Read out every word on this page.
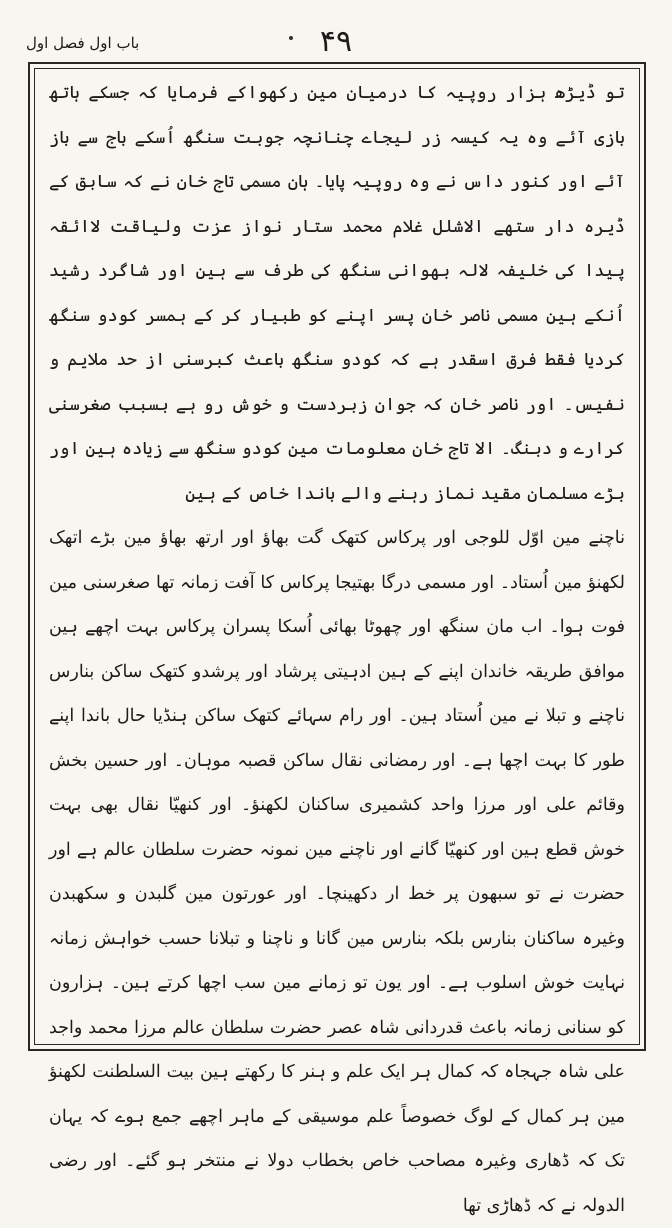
باب اول فصل اول	۴۹

تو ڈیڑھ ہزار روپیہ کا درمیان مین رکھواکے فرمایا کہ جسکے ہاتھ بازی آئے وہ یہ کیسہ زر لیجاے چنانچہ جوبت سنگھ اُسکے باج سے باز آئے اور کنور داس نے وہ روپیہ پایا۔ ہان مسمی تاج خان نے کہ سابق کے ڈیرہ دار ستھے الاشلل غلام محمد ستار نواز عزت ولیاقت لاائقہ پیدا کی خلیفہ لالہ بھوانی سنگھ کی طرف سے ہین اور شاگرد رشید اُنکے ہین مسمی ناصر خان پسر اپنے کو طبیار کر کے ہمسر کودو سنگھ کردیا فقط فرق اسقدر ہے کہ کودو سنگھ باعث کبرسنی از حد ملایم و نفیس۔ اور ناصر خان کہ جوان زبردست و خوش رو ہے بسبب صغرسنی کرارے و دبنگ۔ الا تاج خان معلومات مین کودو سنگھ سے زیادہ ہین اور بڑے مسلمان مقید نماز رہنے والے باندا خاص کے ہین

ناچنے مین اوّل للوجی اور پرکاس کتھک گت بھاؤ اور ارتھ بھاؤ مین بڑے اتھک لکھنؤ مین اُستاد۔ اور مسمی درگا بھتیجا پرکاس کا آفت زمانہ تھا صغرسنی مین فوت ہوا۔ اب مان سنگھ اور چھوٹا بھائی اُسکا پسران پرکاس بہت اچھے ہین موافق طریقہ خاندان اپنے کے ہین ادہیتی پرشاد اور پرشدو کتھک ساکن بنارس ناچنے و تبلا نے مین اُستاد ہین۔ اور رام سہائے کتھک ساکن ہنڈیا حال باندا اپنے طور کا بہت اچھا ہے۔ اور رمضانی نقال ساکن قصبہ موہان۔ اور حسین بخش وقائم علی اور مرزا واحد کشمیری ساکنان لکھنؤ۔ اور کنھیّا نقال بھی بہت خوش قطع ہین اور کنھیّا گانے اور ناچنے مین نمونہ حضرت سلطان عالم ہے اور حضرت نے تو سبھون پر خط ار دکھینچا۔ اور عورتون مین گلبدن و سکھبدن وغیرہ ساکنان بنارس بلکہ بنارس مین گانا و ناچنا و تبلانا حسب خواہش زمانہ نہایت خوش اسلوب ہے۔ اور یون تو زمانے مین سب اچھا کرتے ہین۔ ہزارون کو سنانی زمانہ باعث قدردانی شاہ عصر حضرت سلطان عالم مرزا محمد واجد علی شاہ جہجاہ کہ کمال ہر ایک علم و ہنر کا رکھتے ہین بیت السلطنت لکھنؤ مین ہر کمال کے لوگ خصوصاً علم موسیقی کے ماہر اچھے جمع ہوے کہ یہان تک کہ ڈھاری وغیرہ مصاحب خاص بخطاب دولا نے منتخر ہو گئے۔ اور رضی الدولہ نے کہ ڈھاڑی تھا
